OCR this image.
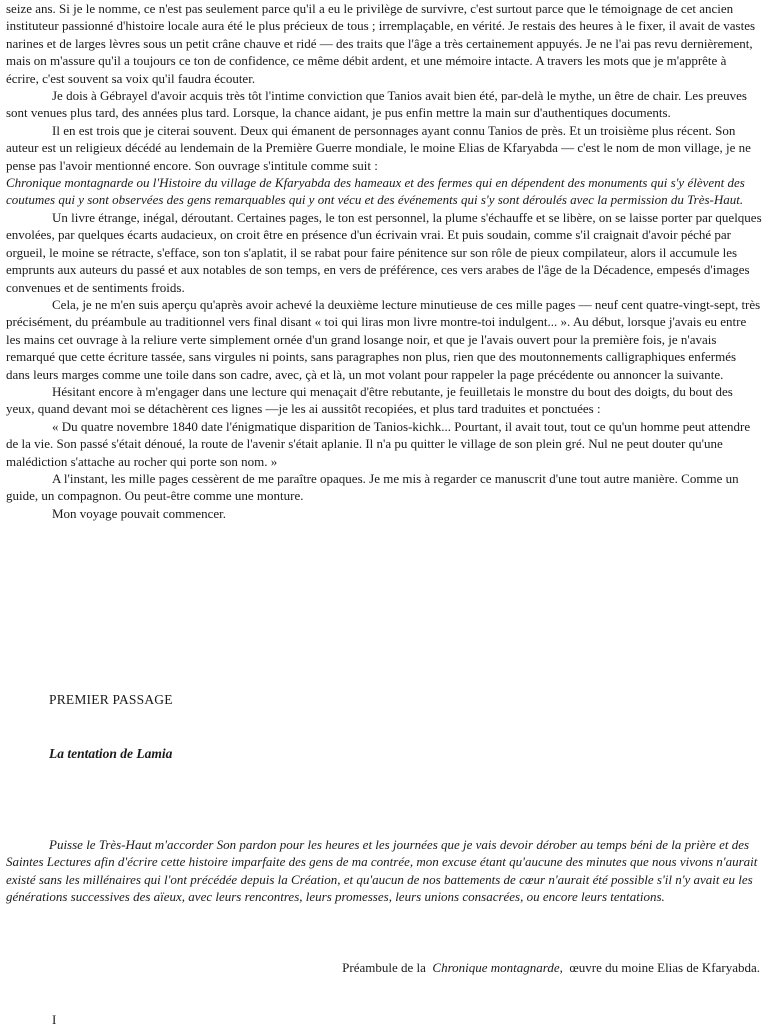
seize ans. Si je le nomme, ce n'est pas seulement parce qu'il a eu le privilège de survivre, c'est surtout parce que le témoignage de cet ancien instituteur passionné d'histoire locale aura été le plus précieux de tous ; irremplaçable, en vérité. Je restais des heures à le fixer, il avait de vastes narines et de larges lèvres sous un petit crâne chauve et ridé — des traits que l'âge a très certainement appuyés. Je ne l'ai pas revu dernièrement, mais on m'assure qu'il a toujours ce ton de confidence, ce même débit ardent, et une mémoire intacte. A travers les mots que je m'apprête à écrire, c'est souvent sa voix qu'il faudra écouter.

Je dois à Gébrayel d'avoir acquis très tôt l'intime conviction que Tanios avait bien été, par-delà le mythe, un être de chair. Les preuves sont venues plus tard, des années plus tard. Lorsque, la chance aidant, je pus enfin mettre la main sur d'authentiques documents.

Il en est trois que je citerai souvent. Deux qui émanent de personnages ayant connu Tanios de près. Et un troisième plus récent. Son auteur est un religieux décédé au lendemain de la Première Guerre mondiale, le moine Elias de Kfaryabda — c'est le nom de mon village, je ne pense pas l'avoir mentionné encore. Son ouvrage s'intitule comme suit :

Chronique montagnarde ou l'Histoire du village de Kfaryabda des hameaux et des fermes qui en dépendent des monuments qui s'y élèvent des coutumes qui y sont observées des gens remarquables qui y ont vécu et des événements qui s'y sont déroulés avec la permission du Très-Haut.

Un livre étrange, inégal, déroutant. Certaines pages, le ton est personnel, la plume s'échauffe et se libère, on se laisse porter par quelques envolées, par quelques écarts audacieux, on croit être en présence d'un écrivain vrai. Et puis soudain, comme s'il craignait d'avoir péché par orgueil, le moine se rétracte, s'efface, son ton s'aplatit, il se rabat pour faire pénitence sur son rôle de pieux compilateur, alors il accumule les emprunts aux auteurs du passé et aux notables de son temps, en vers de préférence, ces vers arabes de l'âge de la Décadence, empesés d'images convenues et de sentiments froids.

Cela, je ne m'en suis aperçu qu'après avoir achevé la deuxième lecture minutieuse de ces mille pages — neuf cent quatre-vingt-sept, très précisément, du préambule au traditionnel vers final disant « toi qui liras mon livre montre-toi indulgent... ». Au début, lorsque j'avais eu entre les mains cet ouvrage à la reliure verte simplement ornée d'un grand losange noir, et que je l'avais ouvert pour la première fois, je n'avais remarqué que cette écriture tassée, sans virgules ni points, sans paragraphes non plus, rien que des moutonnements calligraphiques enfermés dans leurs marges comme une toile dans son cadre, avec, çà et là, un mot volant pour rappeler la page précédente ou annoncer la suivante.

Hésitant encore à m'engager dans une lecture qui menaçait d'être rebutante, je feuilletais le monstre du bout des doigts, du bout des yeux, quand devant moi se détachèrent ces lignes —je les ai aussitôt recopiées, et plus tard traduites et ponctuées :

« Du quatre novembre 1840 date l'énigmatique disparition de Tanios-kichk... Pourtant, il avait tout, tout ce qu'un homme peut attendre de la vie. Son passé s'était dénoué, la route de l'avenir s'était aplanie. Il n'a pu quitter le village de son plein gré. Nul ne peut douter qu'une malédiction s'attache au rocher qui porte son nom. »

A l'instant, les mille pages cessèrent de me paraître opaques. Je me mis à regarder ce manuscrit d'une tout autre manière. Comme un guide, un compagnon. Ou peut-être comme une monture.

Mon voyage pouvait commencer.

PREMIER PASSAGE
La tentation de Lamia
Puisse le Très-Haut m'accorder Son pardon pour les heures et les journées que je vais devoir dérober au temps béni de la prière et des Saintes Lectures afin d'écrire cette histoire imparfaite des gens de ma contrée, mon excuse étant qu'aucune des minutes que nous vivons n'aurait existé sans les millénaires qui l'ont précédée depuis la Création, et qu'aucun de nos battements de cœur n'aurait été possible s'il n'y avait eu les générations successives des aïeux, avec leurs rencontres, leurs promesses, leurs unions consacrées, ou encore leurs tentations.
Préambule de la Chronique montagnarde, œuvre du moine Elias de Kfaryabda.
I
